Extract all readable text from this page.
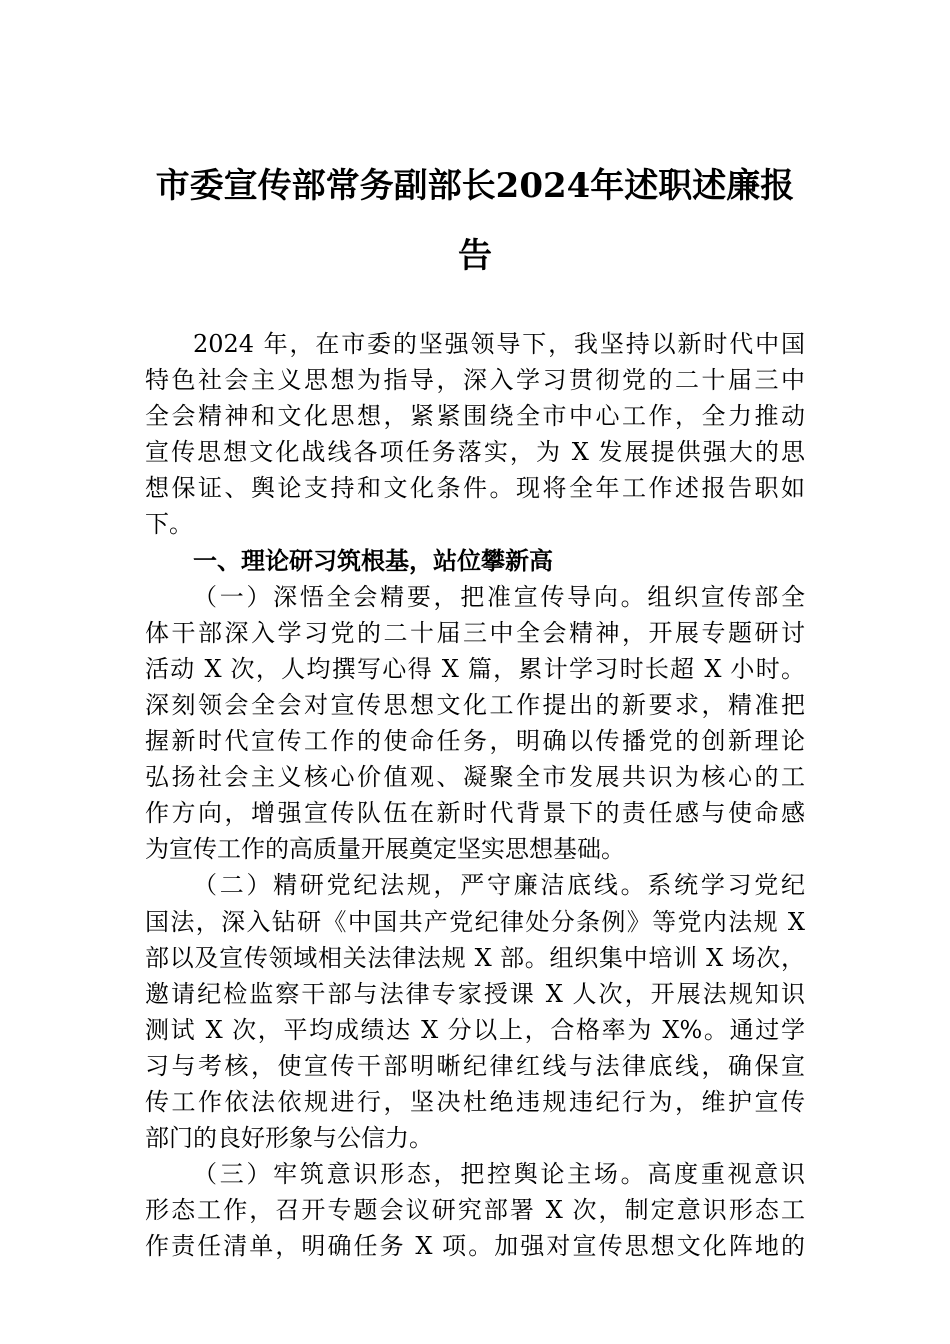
市委宣传部常务副部长2024年述职述廉报
告
2024 年，在市委的坚强领导下，我坚持以新时代中国
特色社会主义思想为指导，深入学习贯彻党的二十届三中
全会精神和文化思想，紧紧围绕全市中心工作，全力推动
宣传思想文化战线各项任务落实，为 X 发展提供强大的思
想保证、舆论支持和文化条件。现将全年工作述报告职如
下。
一、理论研习筑根基，站位攀新高
（一）深悟全会精要，把准宣传导向。组织宣传部全
体干部深入学习党的二十届三中全会精神，开展专题研讨
活动 X 次，人均撰写心得 X 篇，累计学习时长超 X 小时。
深刻领会全会对宣传思想文化工作提出的新要求，精准把
握新时代宣传工作的使命任务，明确以传播党的创新理论
弘扬社会主义核心价值观、凝聚全市发展共识为核心的工
作方向，增强宣传队伍在新时代背景下的责任感与使命感
为宣传工作的高质量开展奠定坚实思想基础。
（二）精研党纪法规，严守廉洁底线。系统学习党纪
国法，深入钻研《中国共产党纪律处分条例》等党内法规 X
部以及宣传领域相关法律法规 X 部。组织集中培训 X 场次，
邀请纪检监察干部与法律专家授课 X 人次，开展法规知识
测试 X 次，平均成绩达 X 分以上，合格率为 X%。通过学
习与考核，使宣传干部明晰纪律红线与法律底线，确保宣
传工作依法依规进行，坚决杜绝违规违纪行为，维护宣传
部门的良好形象与公信力。
（三）牢筑意识形态，把控舆论主场。高度重视意识
形态工作，召开专题会议研究部署 X 次，制定意识形态工
作责任清单，明确任务 X 项。加强对宣传思想文化阵地的
